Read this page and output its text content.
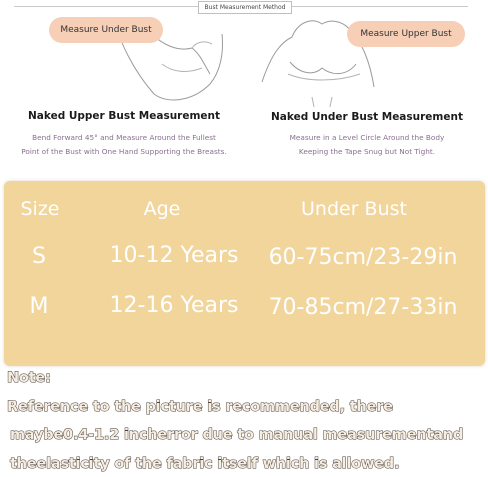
Bust Measurement Method
Measure Under Bust	Measure Upper Bust
Naked Upper Bust Measurement	Naked Under Bust Measurement
Bend Forward 45° and Measure Around the Fullest
Point of the Bust with One Hand Supporting the Breasts.
Measure in a Level Circle Around the Body
Keeping the Tape Snug but Not Tight.
Size	Age	Under Bust
S	10-12 Years	60-75cm/23-29in
M	12-16 Years	70-85cm/27-33in
Note:
Reference to the picture is recommended, there
maybe0.4-1.2 incherror due to manual measurementand
theelasticity of the fabric itself which is allowed.
